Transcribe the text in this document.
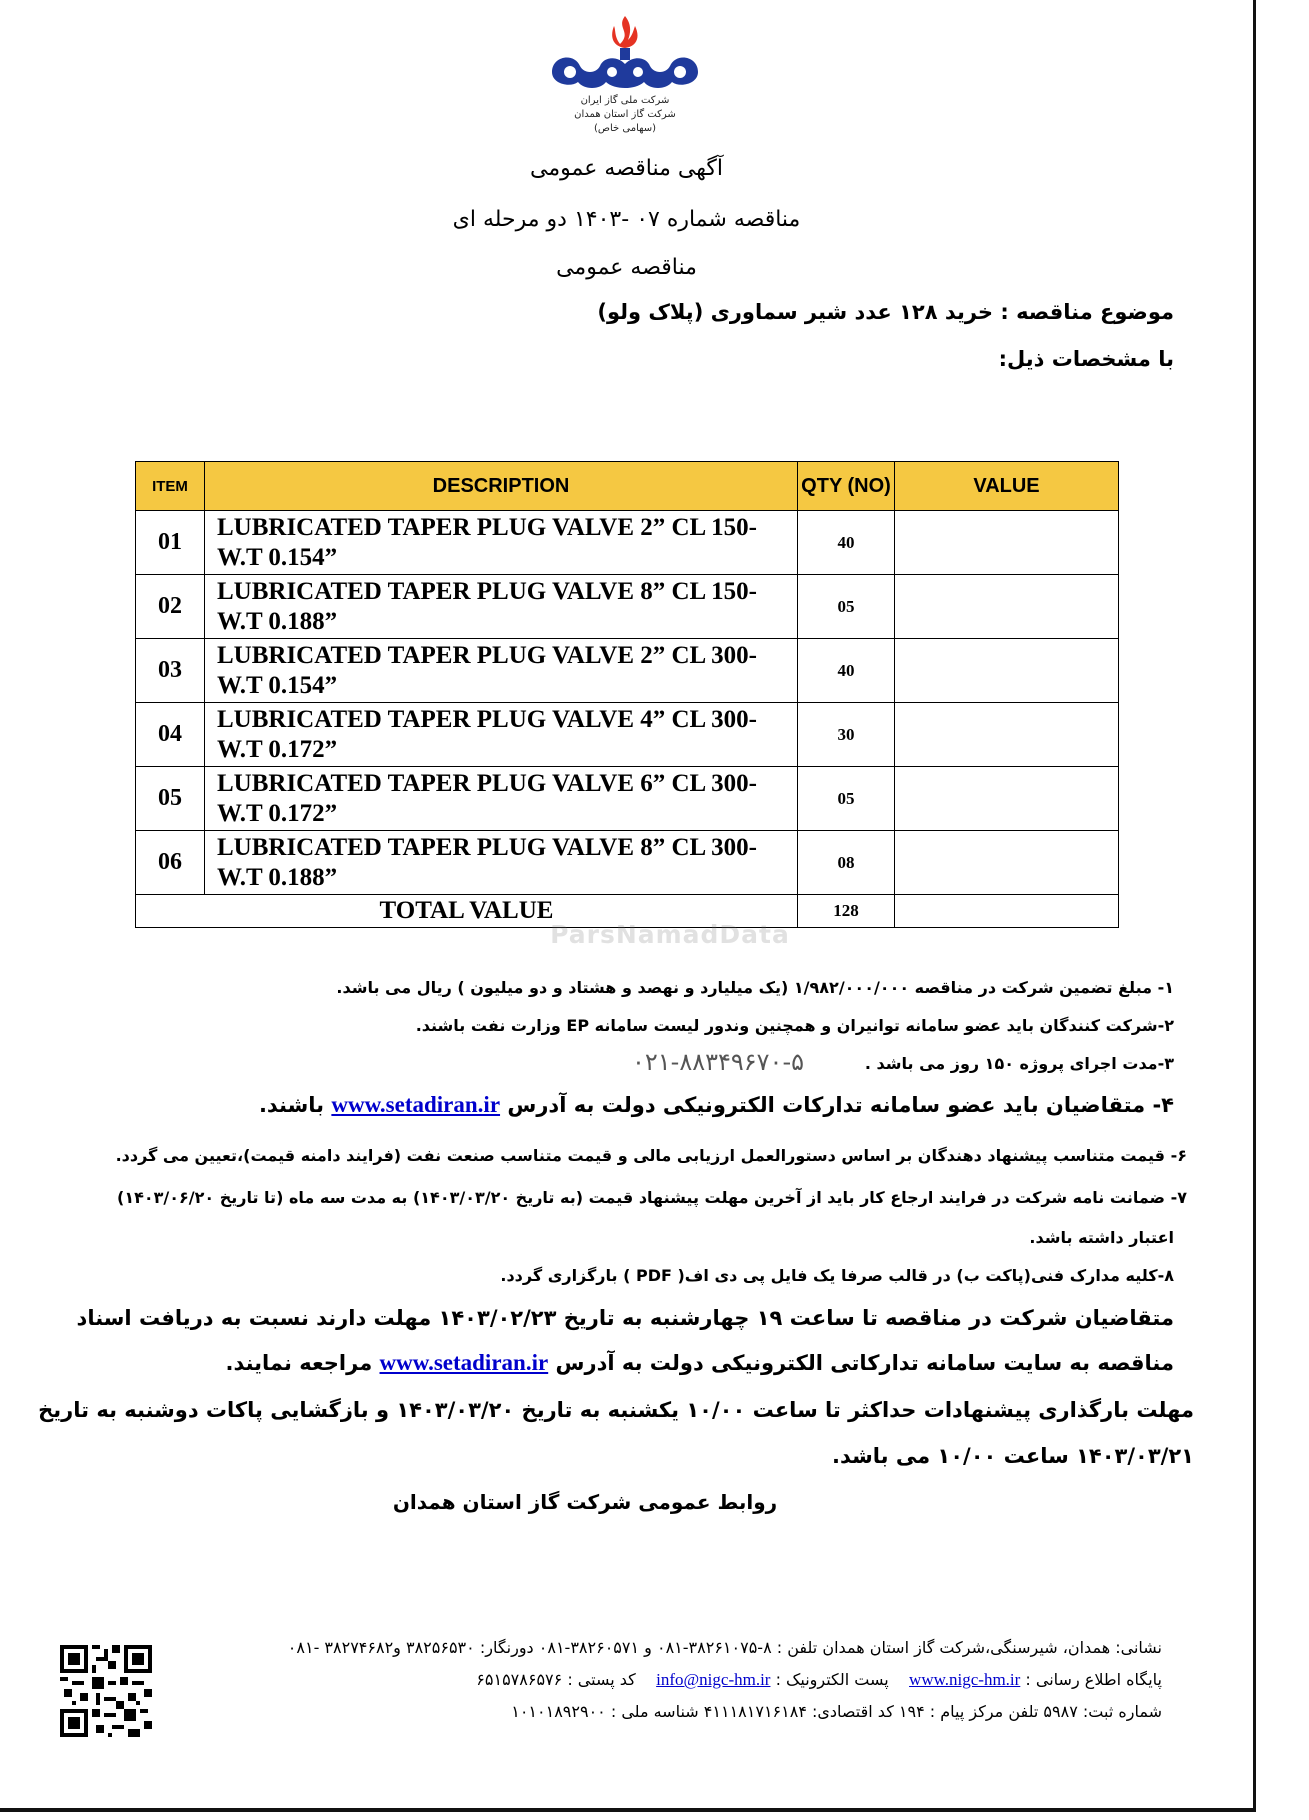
شرکت ملی گاز ایران
شرکت گاز استان همدان
(سهامی خاص)
آگهی مناقصه عمومی
مناقصه شماره ۰۷ -۱۴۰۳ دو مرحله ای
مناقصه عمومی
موضوع مناقصه : خرید ۱۲۸ عدد شیر سماوری (پلاک ولو)
با مشخصات ذیل:
ITEM	DESCRIPTION	QTY (NO)	VALUE
01	LUBRICATED TAPER PLUG VALVE 2” CL 150-W.T 0.154”	40	
02	LUBRICATED TAPER PLUG VALVE 8” CL 150-W.T 0.188”	05	
03	LUBRICATED TAPER PLUG VALVE 2” CL 300-W.T 0.154”	40	
04	LUBRICATED TAPER PLUG VALVE 4” CL 300-W.T 0.172”	30	
05	LUBRICATED TAPER PLUG VALVE 6” CL 300-W.T 0.172”	05	
06	LUBRICATED TAPER PLUG VALVE 8” CL 300-W.T 0.188”	08	
TOTAL VALUE		128	
ParsNamadData
۱- مبلغ تضمین شرکت در مناقصه ۱/۹۸۲/۰۰۰/۰۰۰ (یک میلیارد و نهصد و هشتاد و دو میلیون ) ریال می باشد.
۲-شرکت کنندگان باید عضو سامانه توانیران و همچنین وندور لیست سامانه EP وزارت نفت باشند.
۰۲۱-۸۸۳۴۹۶۷۰-۵	۳-مدت اجرای پروژه ۱۵۰ روز می باشد .
۴- متقاضیان باید عضو سامانه تدارکات الکترونیکی دولت به آدرس www.setadiran.ir باشند.
۶- قیمت متناسب پیشنهاد دهندگان بر اساس دستورالعمل ارزیابی مالی و قیمت متناسب صنعت نفت (فرایند دامنه قیمت)،تعیین می گردد.
۷- ضمانت نامه شرکت در فرایند ارجاع کار باید از آخرین مهلت پیشنهاد قیمت (به تاریخ ۱۴۰۳/۰۳/۲۰) به مدت سه ماه (تا تاریخ ۱۴۰۳/۰۶/۲۰)
اعتبار داشته باشد.
۸-کلیه مدارک فنی(پاکت ب) در قالب صرفا یک فایل پی دی اف( PDF ) بارگزاری گردد.
متقاضیان شرکت در مناقصه تا ساعت ۱۹ چهارشنبه به تاریخ ۱۴۰۳/۰۲/۲۳ مهلت دارند نسبت به دریافت اسناد
مناقصه به سایت سامانه تدارکاتی الکترونیکی دولت به آدرس www.setadiran.ir مراجعه نمایند.
مهلت بارگذاری پیشنهادات حداکثر تا ساعت ۱۰/۰۰ یکشنبه به تاریخ ۱۴۰۳/۰۳/۲۰ و بازگشایی پاکات دوشنبه به تاریخ
۱۴۰۳/۰۳/۲۱ ساعت ۱۰/۰۰ می باشد.
روابط عمومی شرکت گاز استان همدان
نشانی: همدان، شیرسنگی،شرکت گاز استان همدان تلفن : ۸-۳۸۲۶۱۰۷۵-۰۸۱ و ۳۸۲۶۰۵۷۱-۰۸۱ دورنگار: ۳۸۲۵۶۵۳۰ و۳۸۲۷۴۶۸۲ -۰۸۱
پایگاه اطلاع رسانی : www.nigc-hm.ir    پست الکترونیک : info@nigc-hm.ir    کد پستی : ۶۵۱۵۷۸۶۵۷۶
شماره ثبت: ۵۹۸۷ تلفن مرکز پیام : ۱۹۴ کد اقتصادی: ۴۱۱۱۸۱۷۱۶۱۸۴ شناسه ملی : ۱۰۱۰۱۸۹۲۹۰۰
